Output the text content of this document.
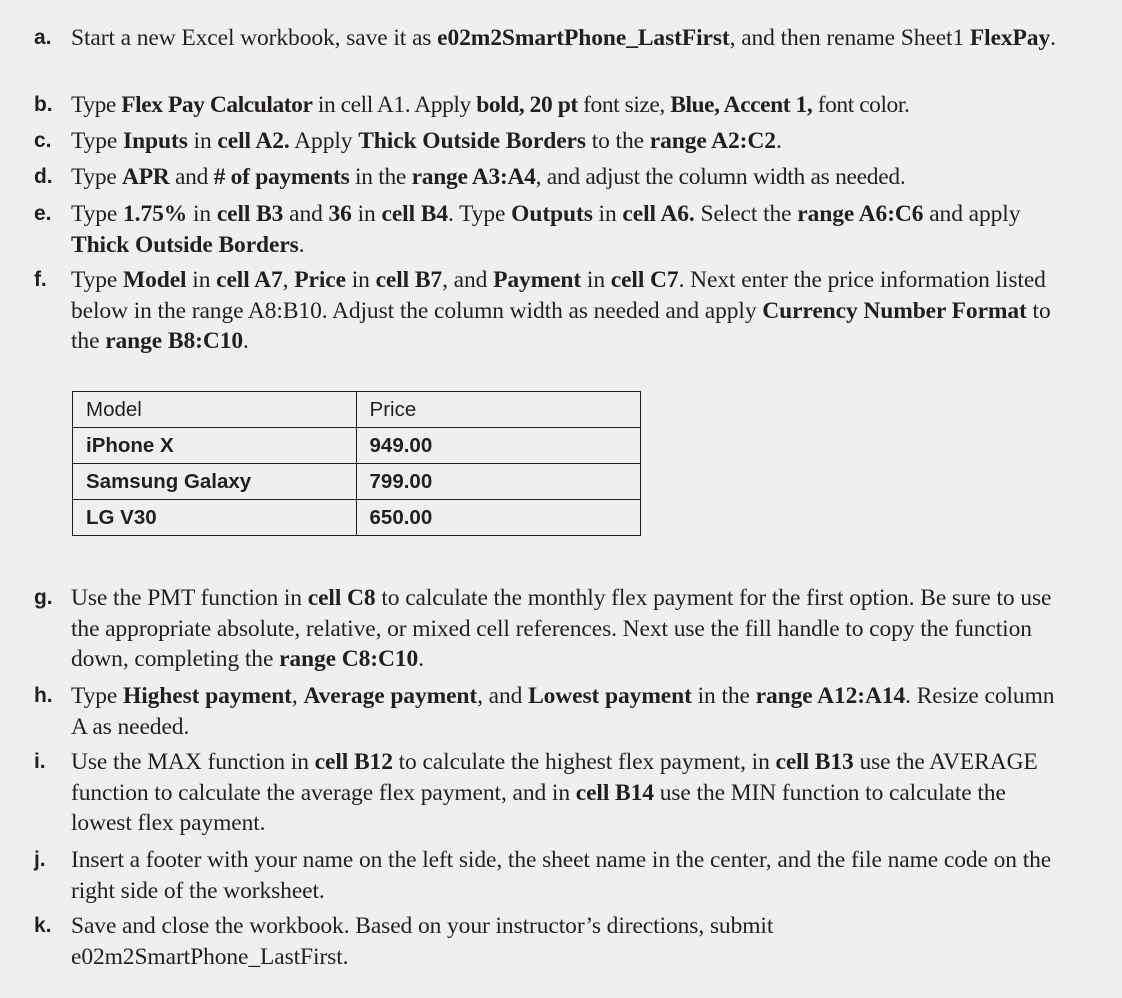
a. Start a new Excel workbook, save it as e02m2SmartPhone_LastFirst, and then rename Sheet1 FlexPay.
b. Type Flex Pay Calculator in cell A1. Apply bold, 20 pt font size, Blue, Accent 1, font color.
c. Type Inputs in cell A2. Apply Thick Outside Borders to the range A2:C2.
d. Type APR and # of payments in the range A3:A4, and adjust the column width as needed.
e. Type 1.75% in cell B3 and 36 in cell B4. Type Outputs in cell A6. Select the range A6:C6 and apply Thick Outside Borders.
f.	Type Model in cell A7, Price in cell B7, and Payment in cell C7. Next enter the price information listed below in the range A8:B10. Adjust the column width as needed and apply Currency Number Format to the range B8:C10.
Model	Price
iPhone X	949.00
Samsung Galaxy	799.00
LG V30	650.00
g. Use the PMT function in cell C8 to calculate the monthly flex payment for the first option. Be sure to use the appropriate absolute, relative, or mixed cell references. Next use the fill handle to copy the function down, completing the range C8:C10.
h. Type Highest payment, Average payment, and Lowest payment in the range A12:A14. Resize column A as needed.
i.	Use the MAX function in cell B12 to calculate the highest flex payment, in cell B13 use the AVERAGE function to calculate the average flex payment, and in cell B14 use the MIN function to calculate the lowest flex payment.
j.	Insert a footer with your name on the left side, the sheet name in the center, and the file name code on the right side of the worksheet.
k. Save and close the workbook. Based on your instructor’s directions, submit e02m2SmartPhone_LastFirst.
